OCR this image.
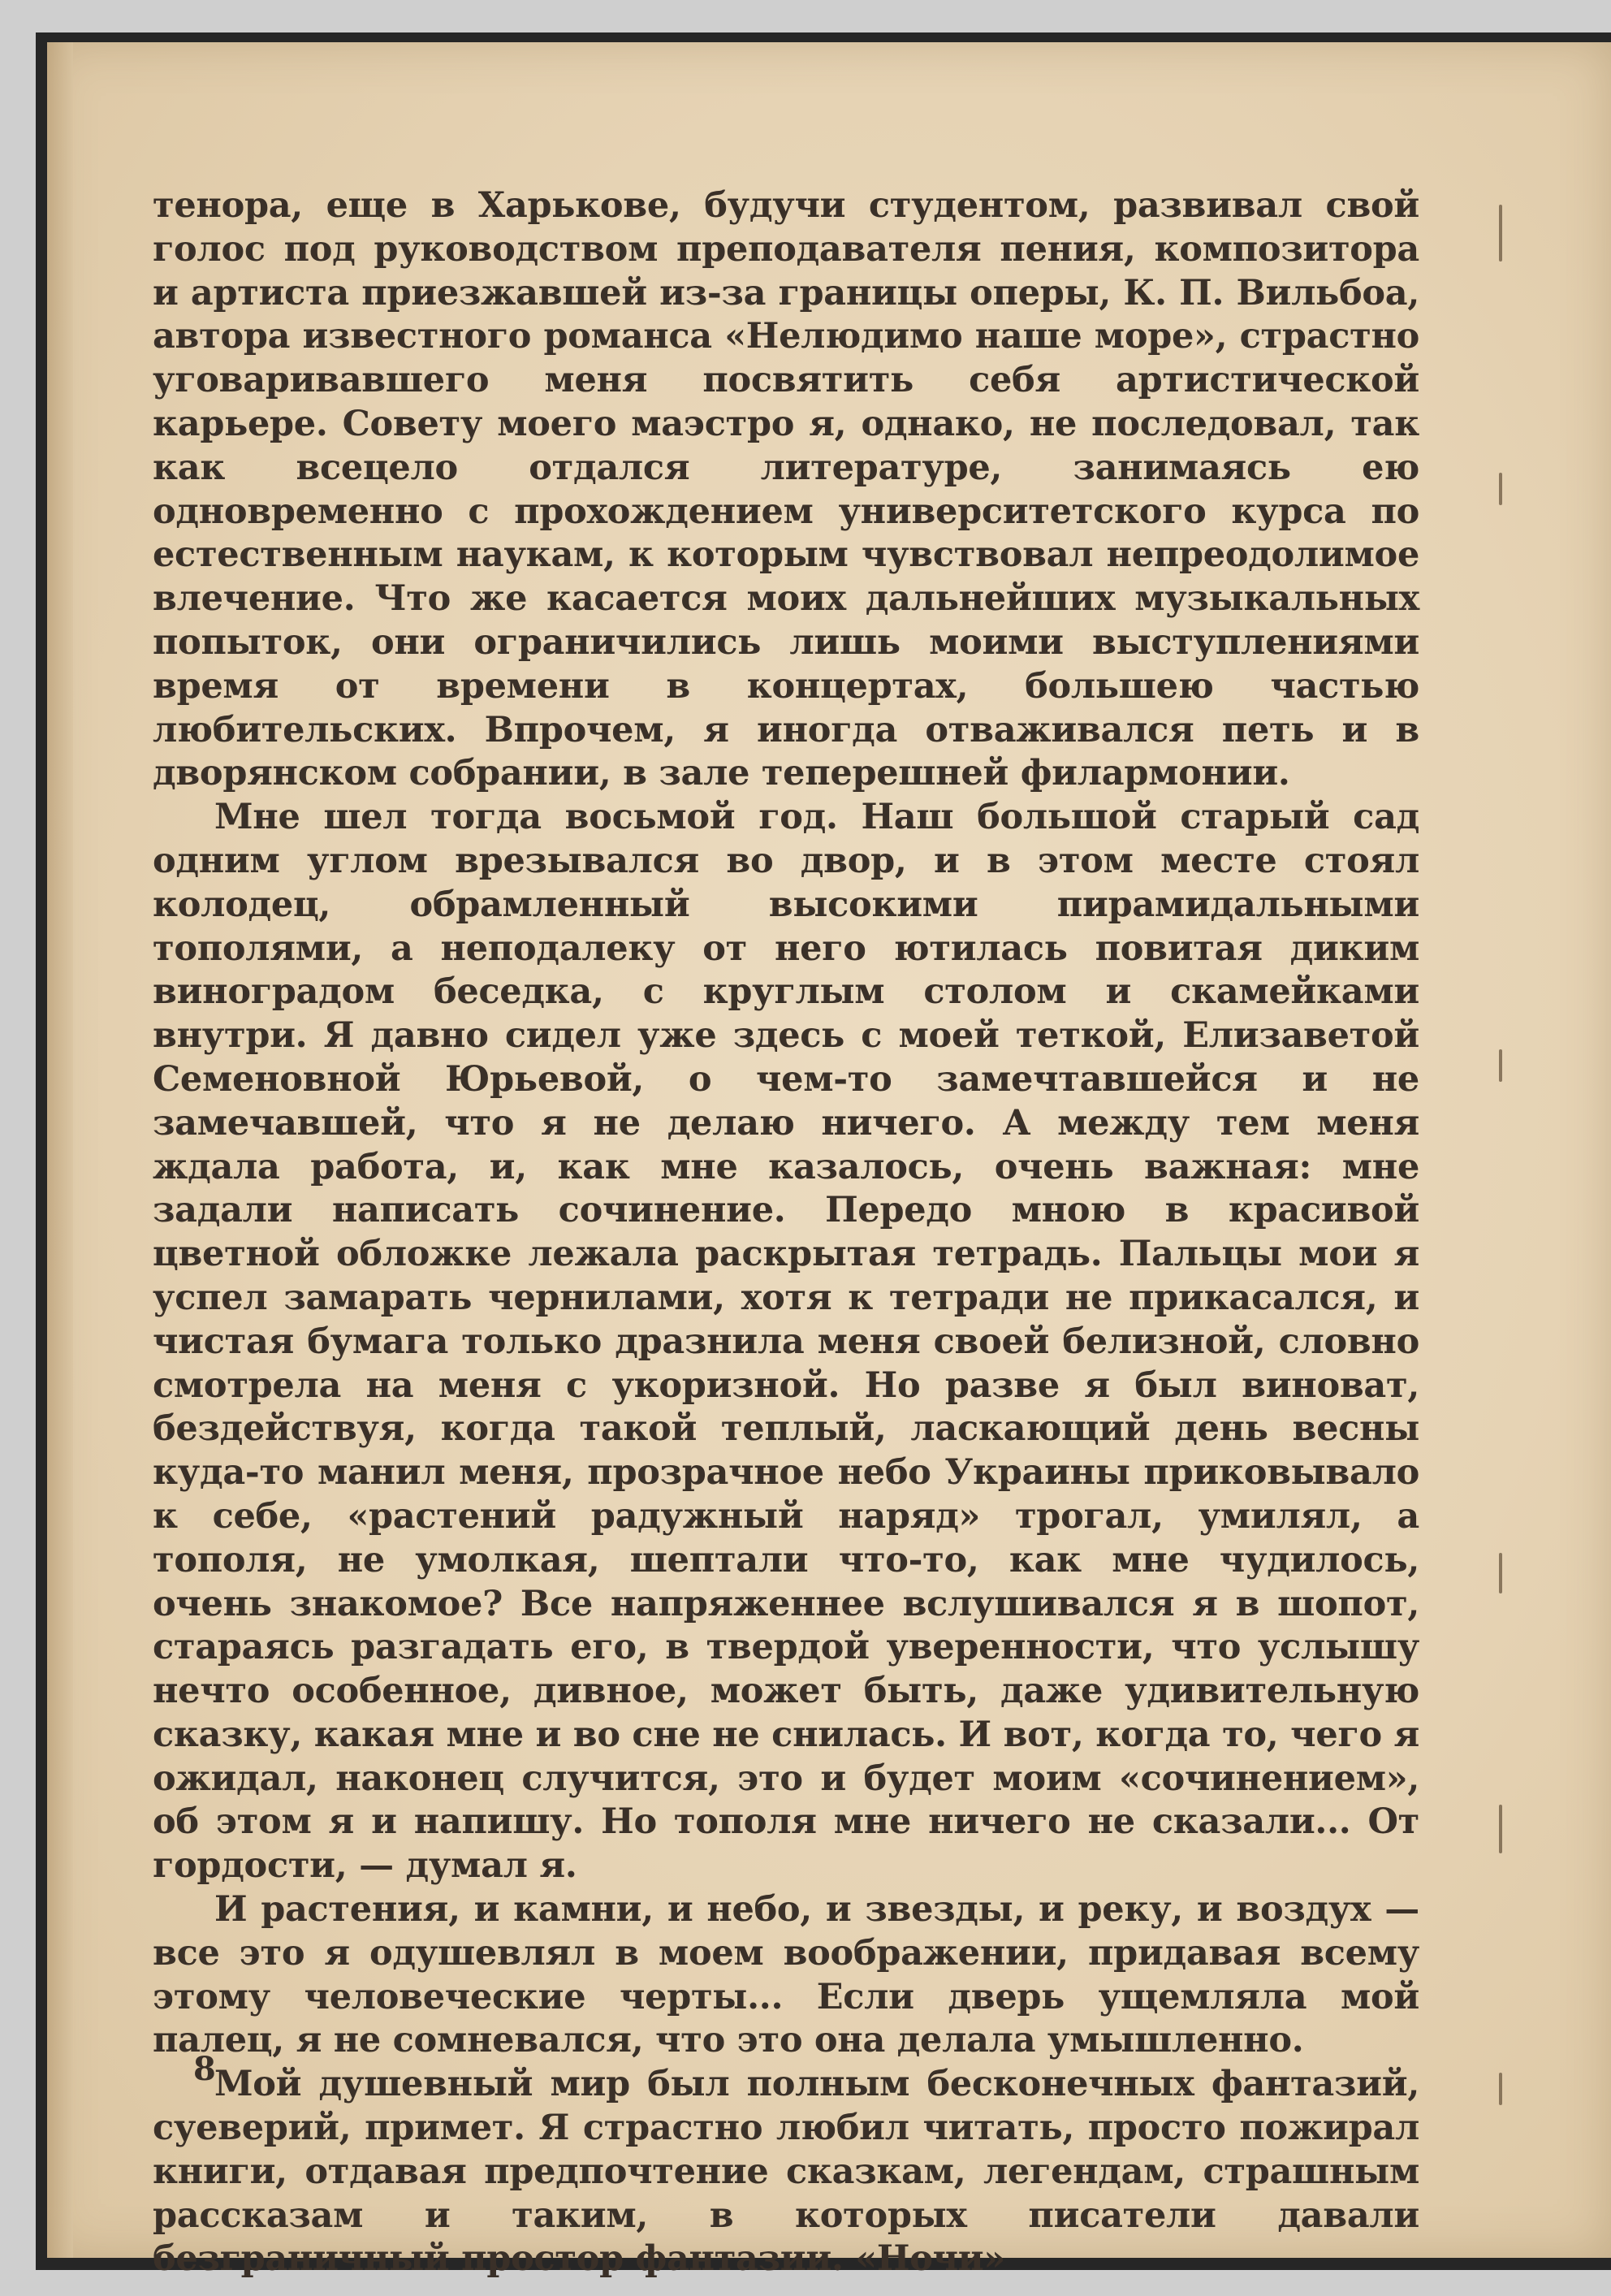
тенора, еще в Харькове, будучи студентом, развивал свой голос под руководством преподавателя пения, композитора и артиста приезжавшей из-за границы оперы, К. П. Вильбоа, автора известного романса «Нелюдимо наше море», страстно уговаривавшего меня посвятить себя артистической карьере. Совету моего маэстро я, однако, не последовал, так как всецело отдался литературе, занимаясь ею одновременно с прохождением университетского курса по естественным наукам, к которым чувствовал непреодолимое влечение. Что же касается моих дальнейших музыкальных попыток, они ограничились лишь моими выступлениями время от времени в концертах, большею частью любительских. Впрочем, я иногда отваживался петь и в дворянском собрании, в зале теперешней филармонии.

Мне шел тогда восьмой год. Наш большой старый сад одним углом врезывался во двор, и в этом месте стоял колодец, обрамленный высокими пирамидальными тополями, а неподалеку от него ютилась повитая диким виноградом беседка, с круглым столом и скамейками внутри. Я давно сидел уже здесь с моей теткой, Елизаветой Семеновной Юрьевой, о чем-то замечтавшейся и не замечавшей, что я не делаю ничего. А между тем меня ждала работа, и, как мне казалось, очень важная: мне задали написать сочинение. Передо мною в красивой цветной обложке лежала раскрытая тетрадь. Пальцы мои я успел замарать чернилами, хотя к тетради не прикасался, и чистая бумага только дразнила меня своей белизной, словно смотрела на меня с укоризной. Но разве я был виноват, бездействуя, когда такой теплый, ласкающий день весны куда-то манил меня, прозрачное небо Украины приковывало к себе, «растений радужный наряд» трогал, умилял, а тополя, не умолкая, шептали что-то, как мне чудилось, очень знакомое? Все напряженнее вслушивался я в шопот, стараясь разгадать его, в твердой уверенности, что услышу нечто особенное, дивное, может быть, даже удивительную сказку, какая мне и во сне не снилась. И вот, когда то, чего я ожидал, наконец случится, это и будет моим «сочинением», об этом я и напишу. Но тополя мне ничего не сказали... От гордости, — думал я.

И растения, и камни, и небо, и звезды, и реку, и воздух — все это я одушевлял в моем воображении, придавая всему этому человеческие черты... Если дверь ущемляла мой палец, я не сомневался, что это она делала умышленно.

Мой душевный мир был полным бесконечных фантазий, суеверий, примет. Я страстно любил читать, просто пожирал книги, отдавая предпочтение сказкам, легендам, страшным рассказам и таким, в которых писатели давали безграничный простор фантазии. «Ночи»

8
